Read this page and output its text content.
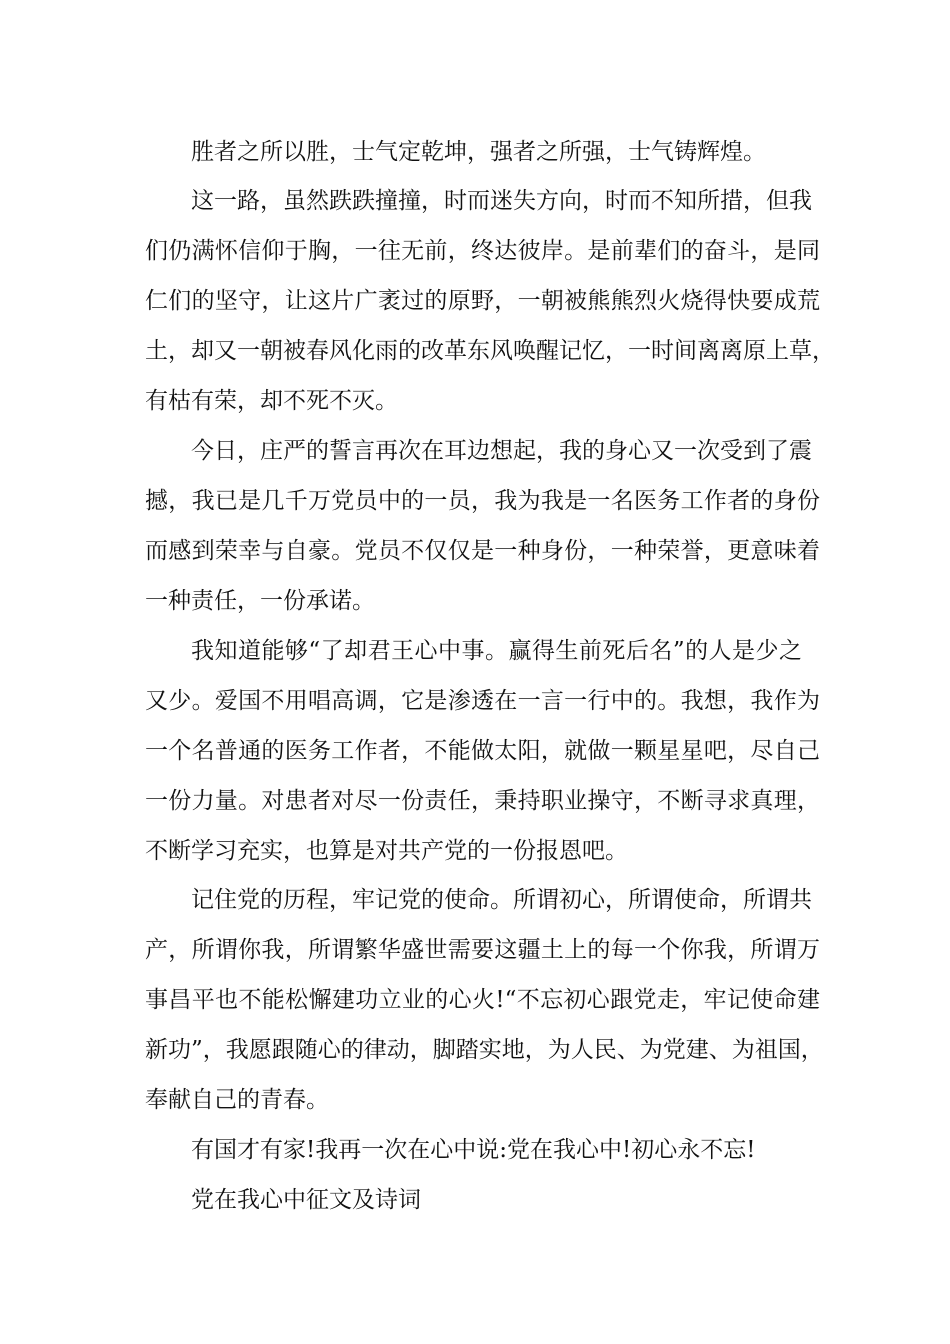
胜者之所以胜，士气定乾坤，强者之所强，士气铸辉煌。
这一路，虽然跌跌撞撞，时而迷失方向，时而不知所措，但我
们仍满怀信仰于胸，一往无前，终达彼岸。是前辈们的奋斗，是同
仁们的坚守，让这片广袤过的原野，一朝被熊熊烈火烧得快要成荒
土，却又一朝被春风化雨的改革东风唤醒记忆，一时间离离原上草，
有枯有荣，却不死不灭。
今日，庄严的誓言再次在耳边想起，我的身心又一次受到了震
撼，我已是几千万党员中的一员，我为我是一名医务工作者的身份
而感到荣幸与自豪。党员不仅仅是一种身份，一种荣誉，更意味着
一种责任，一份承诺。
我知道能够“了却君王心中事。赢得生前死后名”的人是少之
又少。爱国不用唱高调，它是渗透在一言一行中的。我想，我作为
一个名普通的医务工作者，不能做太阳，就做一颗星星吧，尽自己
一份力量。对患者对尽一份责任，秉持职业操守，不断寻求真理，
不断学习充实，也算是对共产党的一份报恩吧。
记住党的历程，牢记党的使命。所谓初心，所谓使命，所谓共
产，所谓你我，所谓繁华盛世需要这疆土上的每一个你我，所谓万
事昌平也不能松懈建功立业的心火!“不忘初心跟党走，牢记使命建
新功”，我愿跟随心的律动，脚踏实地，为人民、为党建、为祖国，
奉献自己的青春。
有国才有家!我再一次在心中说:党在我心中!初心永不忘!
党在我心中征文及诗词
